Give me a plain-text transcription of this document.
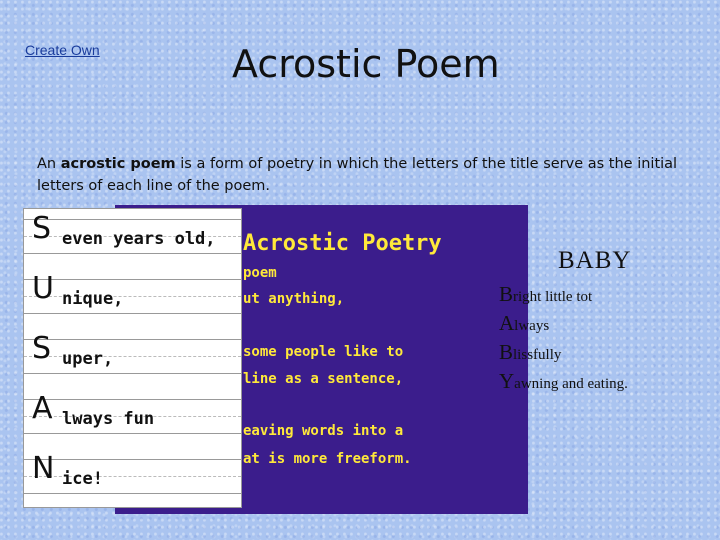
Create Own	Acrostic Poem
An acrostic poem is a form of poetry in which the letters of the title serve as the initial letters of each line of the poem.
Acrostic Poetry
poem
ut anything,
some people like to
line as a sentence,
eaving words into a
at is more freeform.
S even years old,
U nique,
S uper,
A lways fun
N ice!
BABY
Bright little tot
Always
Blissfully
Yawning and eating.
